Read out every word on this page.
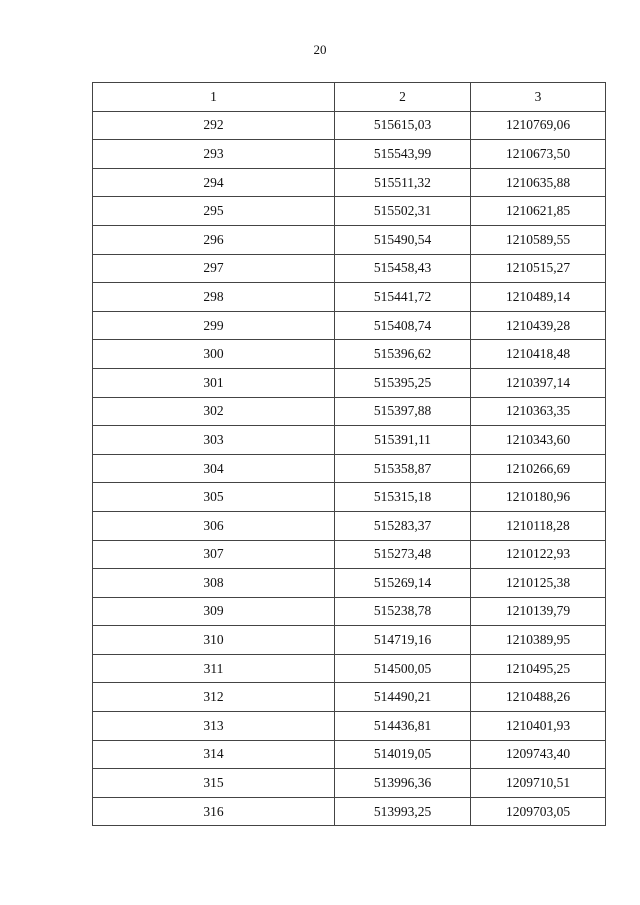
20
1	2	3
292	515615,03	1210769,06
293	515543,99	1210673,50
294	515511,32	1210635,88
295	515502,31	1210621,85
296	515490,54	1210589,55
297	515458,43	1210515,27
298	515441,72	1210489,14
299	515408,74	1210439,28
300	515396,62	1210418,48
301	515395,25	1210397,14
302	515397,88	1210363,35
303	515391,11	1210343,60
304	515358,87	1210266,69
305	515315,18	1210180,96
306	515283,37	1210118,28
307	515273,48	1210122,93
308	515269,14	1210125,38
309	515238,78	1210139,79
310	514719,16	1210389,95
311	514500,05	1210495,25
312	514490,21	1210488,26
313	514436,81	1210401,93
314	514019,05	1209743,40
315	513996,36	1209710,51
316	513993,25	1209703,05
